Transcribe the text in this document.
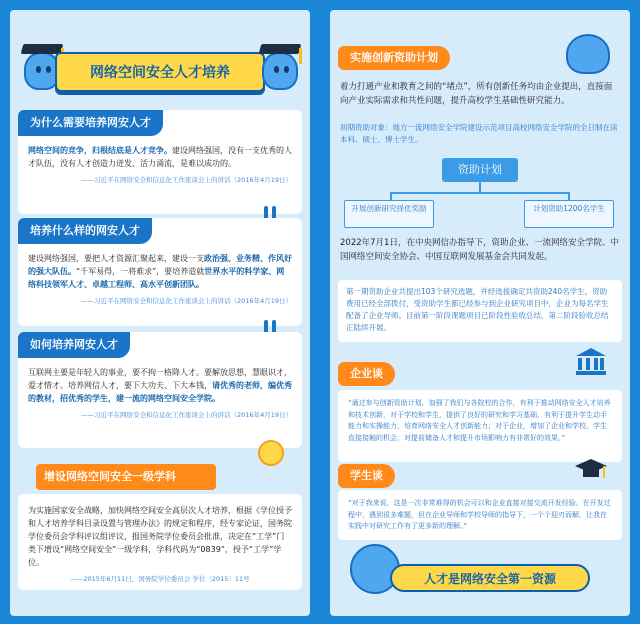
网络空间安全人才培养
为什么需要培养网安人才
网络空间的竞争，归根结底是人才竞争。建设网络强国，没有一支优秀的人才队伍，没有人才创造力迸发、活力涌流，是难以成功的。
——习近平在网络安全和信息化工作座谈会上的讲话（2016年4月19日）
培养什么样的网安人才
建设网络强国，要把人才资源汇聚起来，建设一支政治强、业务精、作风好的强大队伍。“千军易得，一将难求”，要培养造就世界水平的科学家、网络科技领军人才、卓越工程师、高水平创新团队。
——习近平在网络安全和信息化工作座谈会上的讲话（2016年4月19日）
如何培养网安人才
互联网主要是年轻人的事业，要不拘一格降人才。要解放思想，慧眼识才，爱才惜才。培养网信人才，要下大功夫、下大本钱，请优秀的老师，编优秀的教材，招优秀的学生，建一流的网络空间安全学院。
——习近平在网络安全和信息化工作座谈会上的讲话（2016年4月19日）
增设网络空间安全一级学科
为实施国家安全战略，加快网络空间安全高层次人才培养，根据《学位授予和人才培养学科目录设置与管理办法》的规定和程序，经专家论证，国务院学位委员会学科评议组评议，报国务院学位委员会批准，决定在“工学”门类下增设“网络空间安全”一级学科，学科代码为“0839”，授予“工学”学位。
——2015年6月11日，国务院学位委员会 学位〔2015〕11号
实施创新资助计划
着力打通产业和教育之间的“堵点”，所有创新任务均由企业提出，直接面向产业实际需求和共性问题，提升高校学生基础性研究能力。
初期资助对象：地方一流网络安全学院建设示范项目高校网络安全学院的全日制在读本科、硕士、博士学生。
资助计划
开展创新研究择优奖励	计划资助1200名学生
2022年7月1日，在中央网信办指导下，资助企业、一流网络安全学院、中国网络空间安全协会、中国互联网发展基金会共同发起。
第一期资助企业共提出103个研究选题，并经选拔确定共资助240名学生，资助费用已经全部拨付，受资助学生都已经参与到企业研究项目中，企业为每名学生配备了企业导师。目前第一阶段课题项目已阶段性验收总结，第二阶段验收总结正陆续开展。
企业谈
“通过参与创新资助计划，加强了我们与各院校的合作，有利于推动网络安全人才培养和技术创新，对于学校和学生，提供了良好的研究和学习基础，有利于提升学生动手能力和实操能力，培育网络安全人才创新能力；对于企业，增加了企业和学校、学生直接接触的机会，对提前储备人才和提升市场影响力有非常好的效果。”
学生谈
“对于我来说，这是一次非常难得的机会可以和企业直接对接交流开发经验。在开发过程中，遇到很多难题，但在企业导师和学校导师的指导下，一个个迎刃而解，让我在实践中对研究工作有了更多新的理解。”
人才是网络安全第一资源
